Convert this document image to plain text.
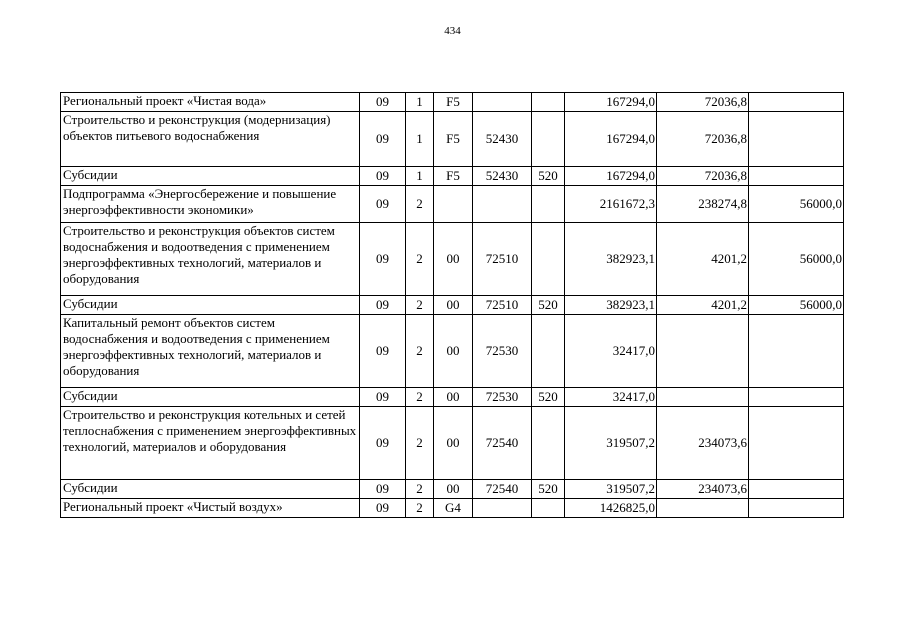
434
Региональный проект «Чистая вода»	09	1	F5			167294,0	72036,8	
Строительство и реконструкция (модернизация) объектов питьевого водоснабжения	09	1	F5	52430		167294,0	72036,8	
Субсидии	09	1	F5	52430	520	167294,0	72036,8	
Подпрограмма «Энергосбережение и повышение энергоэффективности экономики»	09	2				2161672,3	238274,8	56000,0
Строительство и реконструкция объектов систем водоснабжения и водоотведения с применением энергоэффективных технологий, материалов и оборудования	09	2	00	72510		382923,1	4201,2	56000,0
Субсидии	09	2	00	72510	520	382923,1	4201,2	56000,0
Капитальный ремонт объектов систем водоснабжения и водоотведения с применением энергоэффективных технологий, материалов и оборудования	09	2	00	72530		32417,0		
Субсидии	09	2	00	72530	520	32417,0		
Строительство и реконструкция котельных и сетей теплоснабжения с применением энергоэффективных технологий, материалов и оборудования	09	2	00	72540		319507,2	234073,6	
Субсидии	09	2	00	72540	520	319507,2	234073,6	
Региональный проект «Чистый воздух»	09	2	G4			1426825,0		
